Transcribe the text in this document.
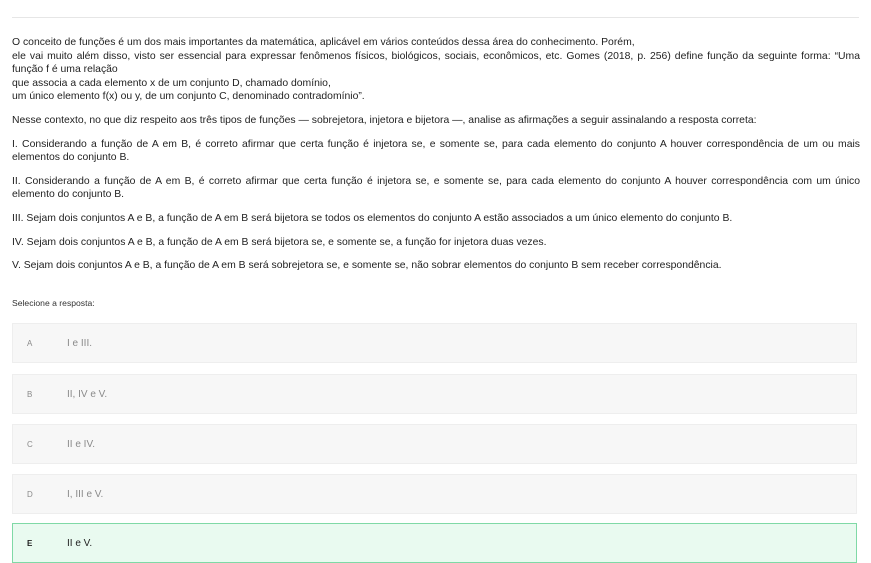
O conceito de funções é um dos mais importantes da matemática, aplicável em vários conteúdos dessa área do conhecimento. Porém,

ele vai muito além disso, visto ser essencial para expressar fenômenos físicos, biológicos, sociais, econômicos, etc. Gomes (2018, p. 256) define função da seguinte forma: “Uma função f é uma relação

que associa a cada elemento x de um conjunto D, chamado domínio,

um único elemento f(x) ou y, de um conjunto C, denominado contradomínio”.

Nesse contexto, no que diz respeito aos três tipos de funções — sobrejetora, injetora e bijetora —, analise as afirmações a seguir assinalando a resposta correta:

I. Considerando a função de A em B, é correto afirmar que certa função é injetora se, e somente se, para cada elemento do conjunto A houver correspondência de um ou mais elementos do conjunto B.

II. Considerando a função de A em B, é correto afirmar que certa função é injetora se, e somente se, para cada elemento do conjunto A houver correspondência com um único elemento do conjunto B.

III. Sejam dois conjuntos A e B, a função de A em B será bijetora se todos os elementos do conjunto A estão associados a um único elemento do conjunto B.

IV. Sejam dois conjuntos A e B, a função de A em B será bijetora se, e somente se, a função for injetora duas vezes.

V. Sejam dois conjuntos A e B, a função de A em B será sobrejetora se, e somente se, não sobrar elementos do conjunto B sem receber correspondência.

Selecione a resposta:
A	I e III.
B	II, IV e V.
C	II e IV.
D	I, III e V.
E	II e V.
